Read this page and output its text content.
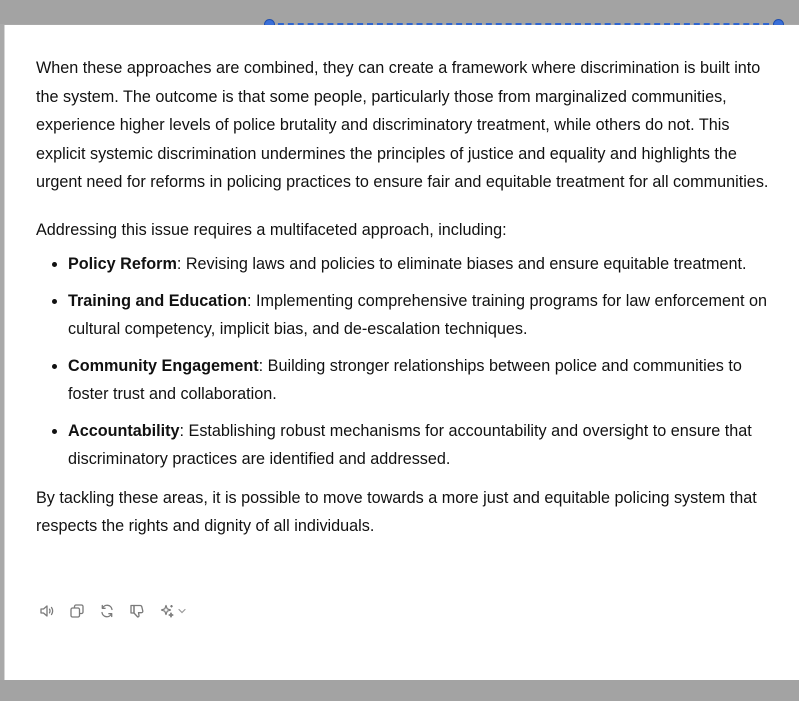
When these approaches are combined, they can create a framework where discrimination is built into the system. The outcome is that some people, particularly those from marginalized communities, experience higher levels of police brutality and discriminatory treatment, while others do not. This explicit systemic discrimination undermines the principles of justice and equality and highlights the urgent need for reforms in policing practices to ensure fair and equitable treatment for all communities.

Addressing this issue requires a multifaceted approach, including:

• Policy Reform: Revising laws and policies to eliminate biases and ensure equitable treatment.
• Training and Education: Implementing comprehensive training programs for law enforcement on cultural competency, implicit bias, and de-escalation techniques.
• Community Engagement: Building stronger relationships between police and communities to foster trust and collaboration.
• Accountability: Establishing robust mechanisms for accountability and oversight to ensure that discriminatory practices are identified and addressed.

By tackling these areas, it is possible to move towards a more just and equitable policing system that respects the rights and dignity of all individuals.
